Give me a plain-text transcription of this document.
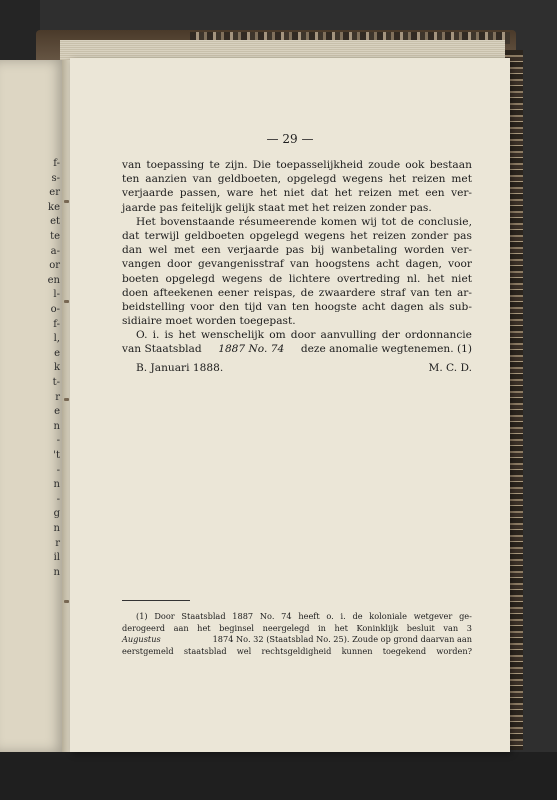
f-
s-
er
ke
et
te
a-
or
en
l-
o-
f-
l,
e
k
t-
r
e
n
-
't
-
n
-
g
n
r
il
n
— 29 —
van toepassing te zijn. Die toepasselijkheid zoude ook bestaan
ten aanzien van geldboeten, opgelegd wegens het reizen met
verjaarde passen, ware het niet dat het reizen met een ver-
jaarde pas feitelijk gelijk staat met het reizen zonder pas.
Het bovenstaande résumeerende komen wij tot de conclusie,
dat terwijl geldboeten opgelegd wegens het reizen zonder pas
dan wel met een verjaarde pas bij wanbetaling worden ver-
vangen door gevangenisstraf van hoogstens acht dagen, voor
boeten opgelegd wegens de lichtere overtreding nl. het niet
doen afteekenen eener reispas, de zwaardere straf van ten ar-
beidstelling voor den tijd van ten hoogste acht dagen als sub-
sidiaire moet worden toegepast.
O. i. is het wenschelijk om door aanvulling der ordonnancie
van Staatsblad 1887 No. 74 deze anomalie wegtenemen. (1)
B. Januari 1888.	M. C. D.
(1) Door Staatsblad 1887 No. 74 heeft o. i. de koloniale wetgever ge-
derogeerd aan het beginsel neergelegd in het Koninklijk besluit van 3
Augustus	1874 No. 32 (Staatsblad No. 25). Zoude op grond daarvan aan
eerstgemeld staatsblad wel rechtsgeldigheid kunnen toegekend worden?
